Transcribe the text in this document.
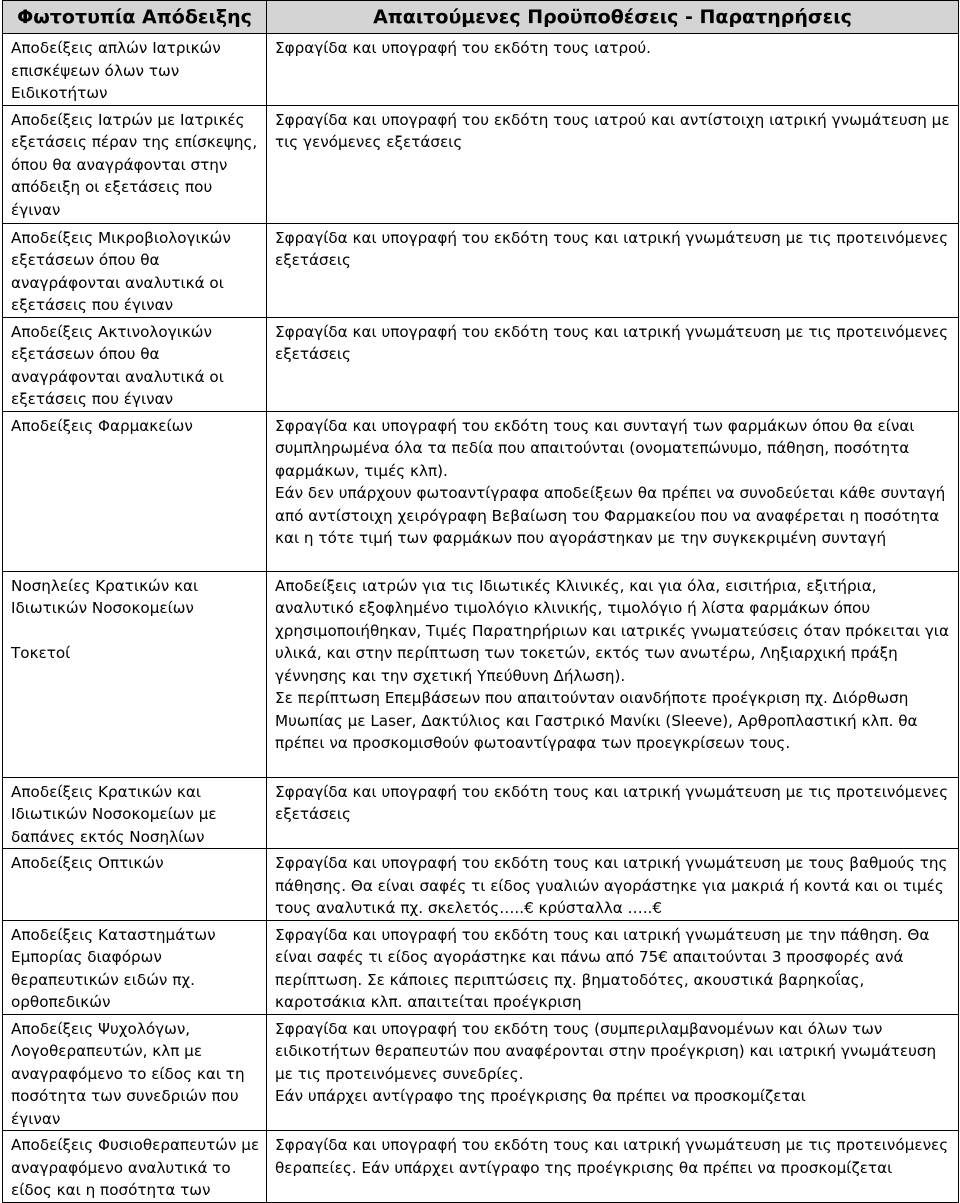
Φωτοτυπία Απόδειξης	Απαιτούμενες Προϋποθέσεις - Παρατηρήσεις
Αποδείξεις απλών Ιατρικών επισκέψεων όλων των Ειδικοτήτων	Σφραγίδα και υπογραφή του εκδότη τους ιατρού.
Αποδείξεις Ιατρών με Ιατρικές εξετάσεις πέραν της επίσκεψης, όπου θα αναγράφονται στην απόδειξη οι εξετάσεις που έγιναν	Σφραγίδα και υπογραφή του εκδότη τους ιατρού και αντίστοιχη ιατρική γνωμάτευση με τις γενόμενες εξετάσεις
Αποδείξεις Μικροβιολογικών εξετάσεων όπου θα αναγράφονται αναλυτικά οι εξετάσεις που έγιναν	Σφραγίδα και υπογραφή του εκδότη τους και ιατρική γνωμάτευση με τις προτεινόμενες εξετάσεις
Αποδείξεις Ακτινολογικών εξετάσεων όπου θα αναγράφονται αναλυτικά οι εξετάσεις που έγιναν	Σφραγίδα και υπογραφή του εκδότη τους και ιατρική γνωμάτευση με τις προτεινόμενες εξετάσεις
Αποδείξεις Φαρμακείων	Σφραγίδα και υπογραφή του εκδότη τους και συνταγή των φαρμάκων όπου θα είναι συμπληρωμένα όλα τα πεδία που απαιτούνται (ονοματεπώνυμο, πάθηση, ποσότητα φαρμάκων, τιμές κλπ).
Εάν δεν υπάρχουν φωτοαντίγραφα αποδείξεων θα πρέπει να συνοδεύεται κάθε συνταγή από αντίστοιχη χειρόγραφη Βεβαίωση του Φαρμακείου που να αναφέρεται η ποσότητα και η τότε τιμή των φαρμάκων που αγοράστηκαν με την συγκεκριμένη συνταγή

Νοσηλείες Κρατικών και Ιδιωτικών Νοσοκομείων
Τοκετοί	Αποδείξεις ιατρών για τις Ιδιωτικές Κλινικές, και για όλα, εισιτήρια, εξιτήρια, αναλυτικό εξοφλημένο τιμολόγιο κλινικής, τιμολόγιο ή λίστα φαρμάκων όπου χρησιμοποιήθηκαν, Τιμές Παρατηρήριων και ιατρικές γνωματεύσεις όταν πρόκειται για υλικά, και στην περίπτωση των τοκετών, εκτός των ανωτέρω, Ληξιαρχική πράξη γέννησης και την σχετική Υπεύθυνη Δήλωση).
Σε περίπτωση Επεμβάσεων που απαιτούνταν οιανδήποτε προέγκριση πχ. Διόρθωση Μυωπίας με Laser, Δακτύλιος και Γαστρικό Μανίκι (Sleeve), Αρθροπλαστική κλπ. θα πρέπει να προσκομισθούν φωτοαντίγραφα των προεγκρίσεων τους.
Αποδείξεις Κρατικών και Ιδιωτικών Νοσοκομείων με δαπάνες εκτός Νοσηλίων	Σφραγίδα και υπογραφή του εκδότη τους και ιατρική γνωμάτευση με τις προτεινόμενες εξετάσεις
Αποδείξεις Οπτικών	Σφραγίδα και υπογραφή του εκδότη τους και ιατρική γνωμάτευση με τους βαθμούς της πάθησης. Θα είναι σαφές τι είδος γυαλιών αγοράστηκε για μακριά ή κοντά και οι τιμές τους αναλυτικά πχ. σκελετός…..€ κρύσταλλα …..€
Αποδείξεις Καταστημάτων Εμπορίας διαφόρων θεραπευτικών ειδών πχ. ορθοπεδικών	Σφραγίδα και υπογραφή του εκδότη τους και ιατρική γνωμάτευση με την πάθηση. Θα είναι σαφές τι είδος αγοράστηκε και πάνω από 75€ απαιτούνται 3 προσφορές ανά περίπτωση. Σε κάποιες περιπτώσεις πχ. βηματοδότες, ακουστικά βαρηκοΐας, καροτσάκια κλπ. απαιτείται προέγκριση
Αποδείξεις Ψυχολόγων, Λογοθεραπευτών, κλπ με αναγραφόμενο το είδος και τη ποσότητα των συνεδριών που έγιναν	Σφραγίδα και υπογραφή του εκδότη τους (συμπεριλαμβανομένων και όλων των ειδικοτήτων θεραπευτών που αναφέρονται στην προέγκριση) και ιατρική γνωμάτευση με τις προτεινόμενες συνεδρίες.
Εάν υπάρχει αντίγραφο της προέγκρισης θα πρέπει να προσκομίζεται
Αποδείξεις Φυσιοθεραπευτών με αναγραφόμενο αναλυτικά το είδος και η ποσότητα των	Σφραγίδα και υπογραφή του εκδότη τους και ιατρική γνωμάτευση με τις προτεινόμενες θεραπείες. Εάν υπάρχει αντίγραφο της προέγκρισης θα πρέπει να προσκομίζεται
